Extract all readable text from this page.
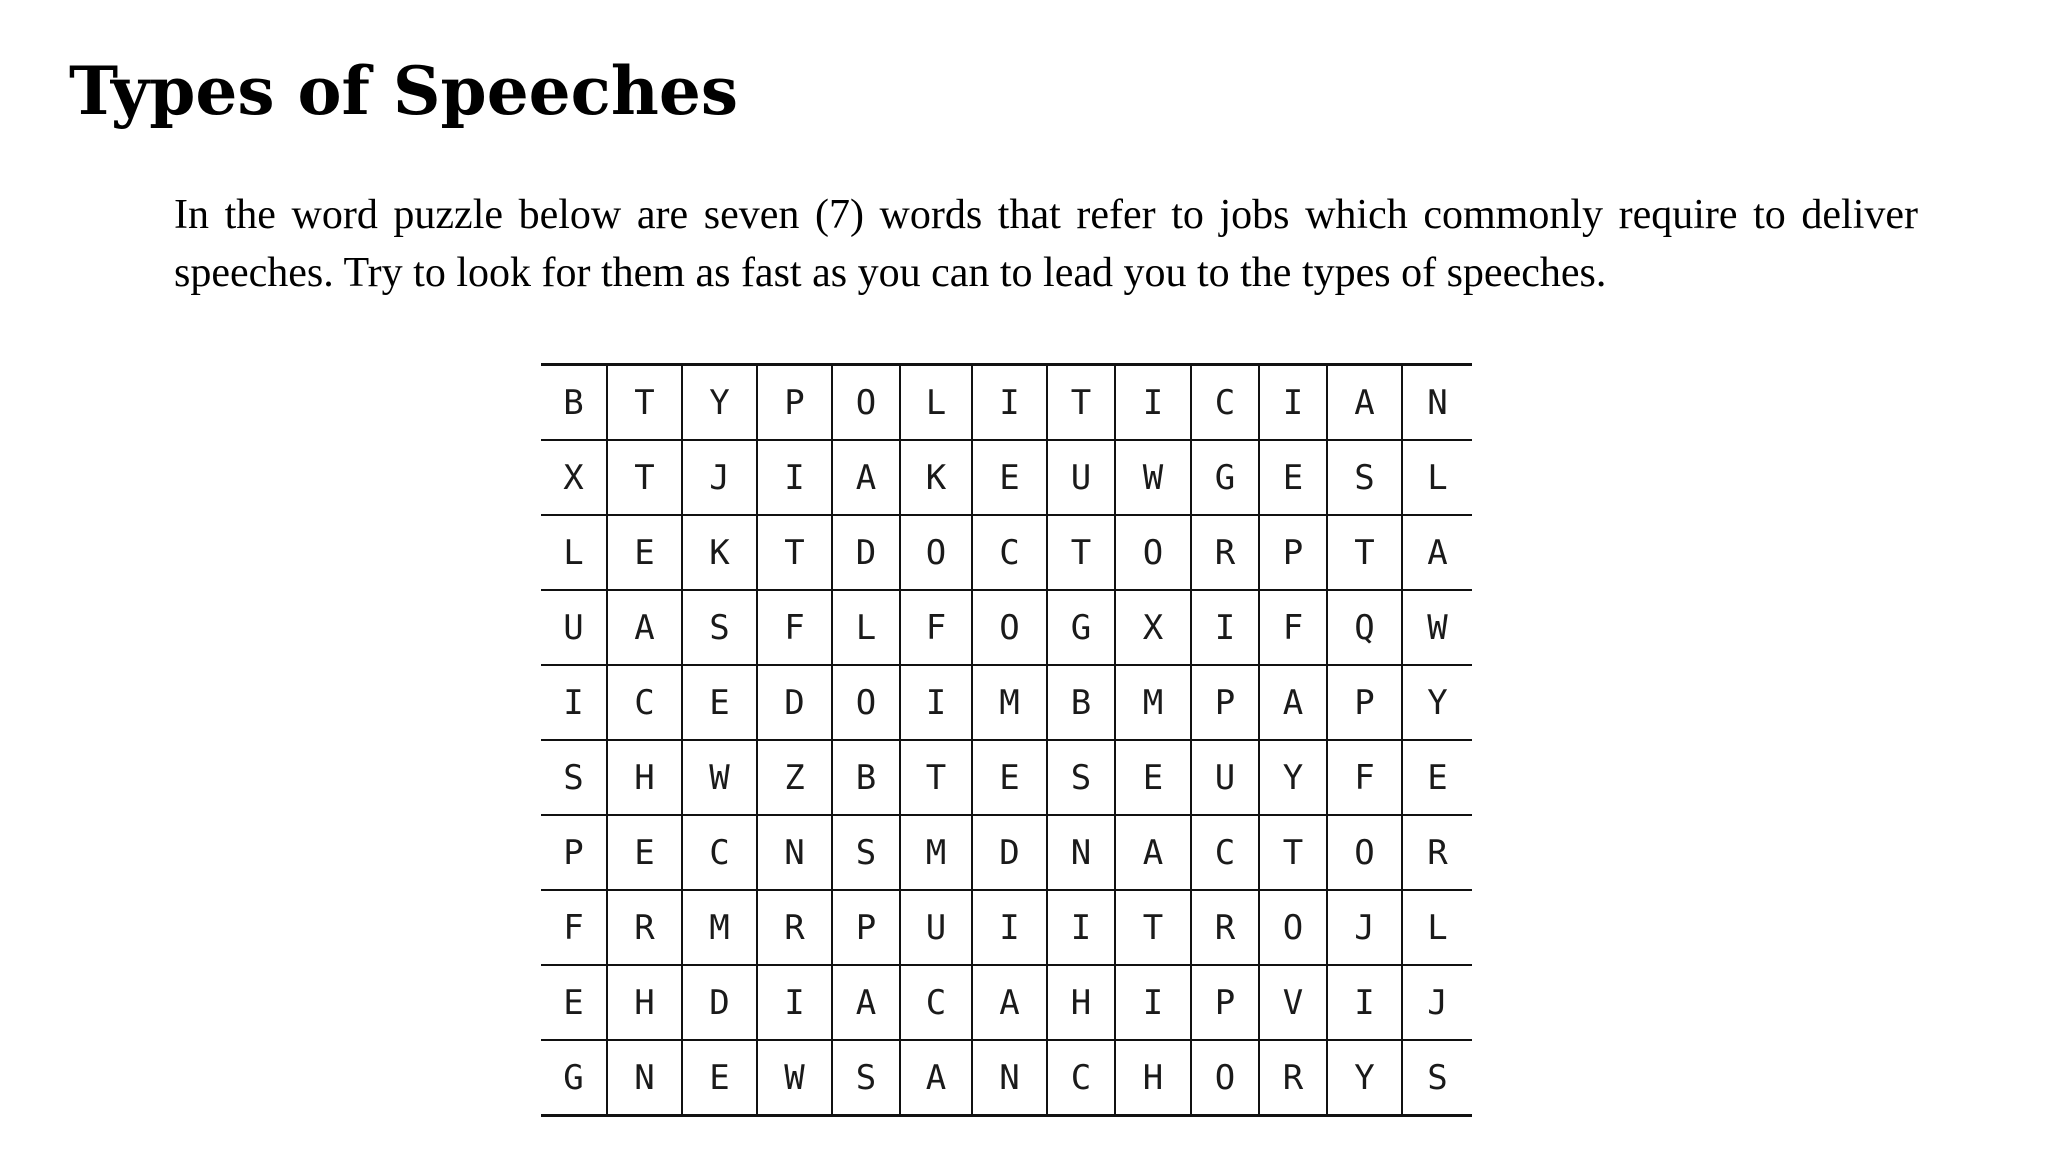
Types of Speeches

In the word puzzle below are seven (7) words that refer to jobs which commonly require to deliver speeches. Try to look for them as fast as you can to lead you to the types of speeches.

B	T	Y	P	O	L	I	T	I	C	I	A	N
X	T	J	I	A	K	E	U	W	G	E	S	L
L	E	K	T	D	O	C	T	O	R	P	T	A
U	A	S	F	L	F	O	G	X	I	F	Q	W
I	C	E	D	O	I	M	B	M	P	A	P	Y
S	H	W	Z	B	T	E	S	E	U	Y	F	E
P	E	C	N	S	M	D	N	A	C	T	O	R
F	R	M	R	P	U	I	I	T	R	O	J	L
E	H	D	I	A	C	A	H	I	P	V	I	J
G	N	E	W	S	A	N	C	H	O	R	Y	S
